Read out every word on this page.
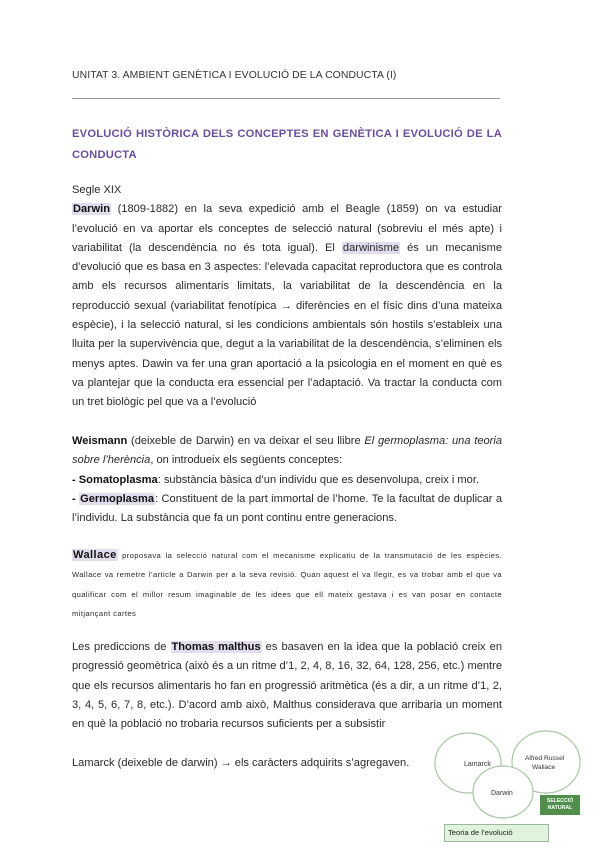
UNITAT 3. AMBIENT GENÈTICA I EVOLUCIÓ DE LA CONDUCTA (I)
EVOLUCIÓ HISTÒRICA DELS CONCEPTES EN GENÈTICA I EVOLUCIÓ DE LA CONDUCTA
Segle XIX
Darwin (1809-1882) en la seva expedició amb el Beagle (1859) on va estudiar l’evolució en va aportar els conceptes de selecció natural (sobreviu el més apte) i variabilitat (la descendència no és tota igual). El darwinisme és un mecanisme d’evolució que es basa en 3 aspectes: l’elevada capacitat reproductora que es controla amb els recursos alimentaris limitats, la variabilitat de la descendència en la reproducció sexual (variabilitat fenotípica → diferències en el físic dins d’una mateixa espècie), i la selecció natural, si les condicions ambientals són hostils s’estableix una lluita per la supervivència que, degut a la variabilitat de la descendència, s’eliminen els menys aptes. Dawin va fer una gran aportació a la psicologia en el moment en què es va plantejar que la conducta era essencial per l’adaptació. Va tractar la conducta com un tret biològic pel que va a l’evolució
Weismann (deixeble de Darwin) en va deixar el seu llibre El germoplasma: una teoria sobre l’herència, on introdueix els següents conceptes:
- Somatoplasma: substància bàsica d’un individu que es desenvolupa, creix i mor.
- Germoplasma: Constituent de la part immortal de l’home. Te la facultat de duplicar a l’individu. La substància que fa un pont continu entre generacions.
Wallace proposava la selecció natural com el mecanisme explicatiu de la transmutació de les espècies. Wallace va remetre l’article a Darwin per a la seva revisió. Quan aquest el va llegir, es va trobar amb el que va qualificar com el millor resum imaginable de les idees que ell mateix gestava i es van posar en contacte mitjançant cartes
Les prediccions de Thomas malthus es basaven en la idea que la població creix en progressió geomètrica (això és a un ritme d’1, 2, 4, 8, 16, 32, 64, 128, 256, etc.) mentre que els recursos alimentaris ho fan en progressió aritmètica (és a dir, a un ritme d’1, 2, 3, 4, 5, 6, 7, 8, etc.). D’acord amb això, Malthus considerava que arribaria un moment en què la població no trobaria recursos suficients per a subsistir
Lamarck (deixeble de darwin) → els caràcters adquirits s’agregaven.	Lamarck
Alfred Russel
Wallace
Darwin
SELECCIÓ
NATURAL
Teoria de l’evolució
